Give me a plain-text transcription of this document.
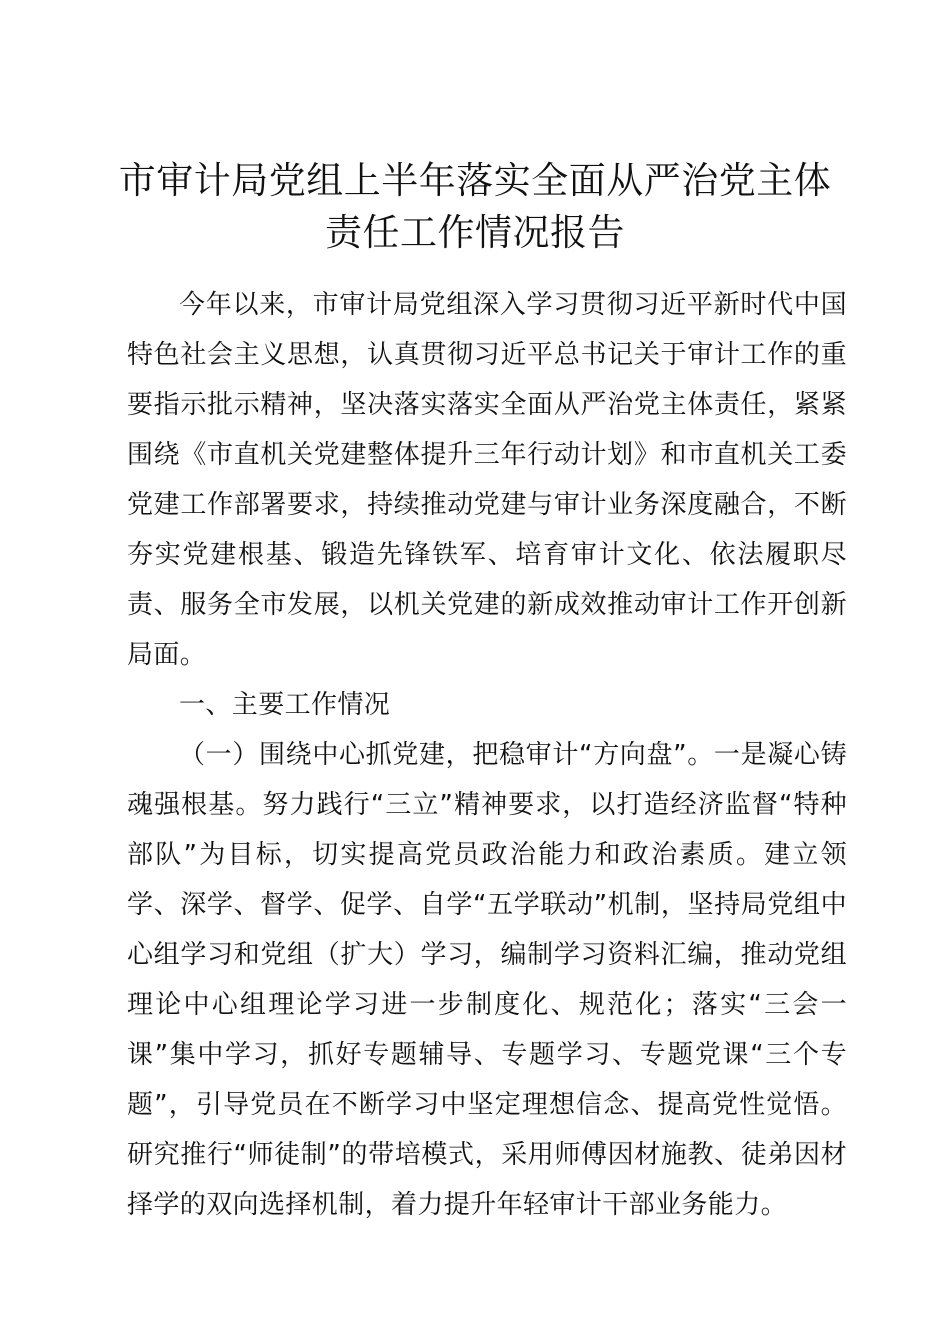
市审计局党组上半年落实全面从严治党主体责任工作情况报告

今年以来，市审计局党组深入学习贯彻习近平新时代中国特色社会主义思想，认真贯彻习近平总书记关于审计工作的重要指示批示精神，坚决落实落实全面从严治党主体责任，紧紧围绕《市直机关党建整体提升三年行动计划》和市直机关工委党建工作部署要求，持续推动党建与审计业务深度融合，不断夯实党建根基、锻造先锋铁军、培育审计文化、依法履职尽责、服务全市发展，以机关党建的新成效推动审计工作开创新局面。

一、主要工作情况

（一）围绕中心抓党建，把稳审计“方向盘”。一是凝心铸魂强根基。努力践行“三立”精神要求，以打造经济监督“特种部队”为目标，切实提高党员政治能力和政治素质。建立领学、深学、督学、促学、自学“五学联动”机制，坚持局党组中心组学习和党组（扩大）学习，编制学习资料汇编，推动党组理论中心组理论学习进一步制度化、规范化；落实“三会一课”集中学习，抓好专题辅导、专题学习、专题党课“三个专题”，引导党员在不断学习中坚定理想信念、提高党性觉悟。研究推行“师徒制”的带培模式，采用师傅因材施教、徒弟因材择学的双向选择机制，着力提升年轻审计干部业务能力。
